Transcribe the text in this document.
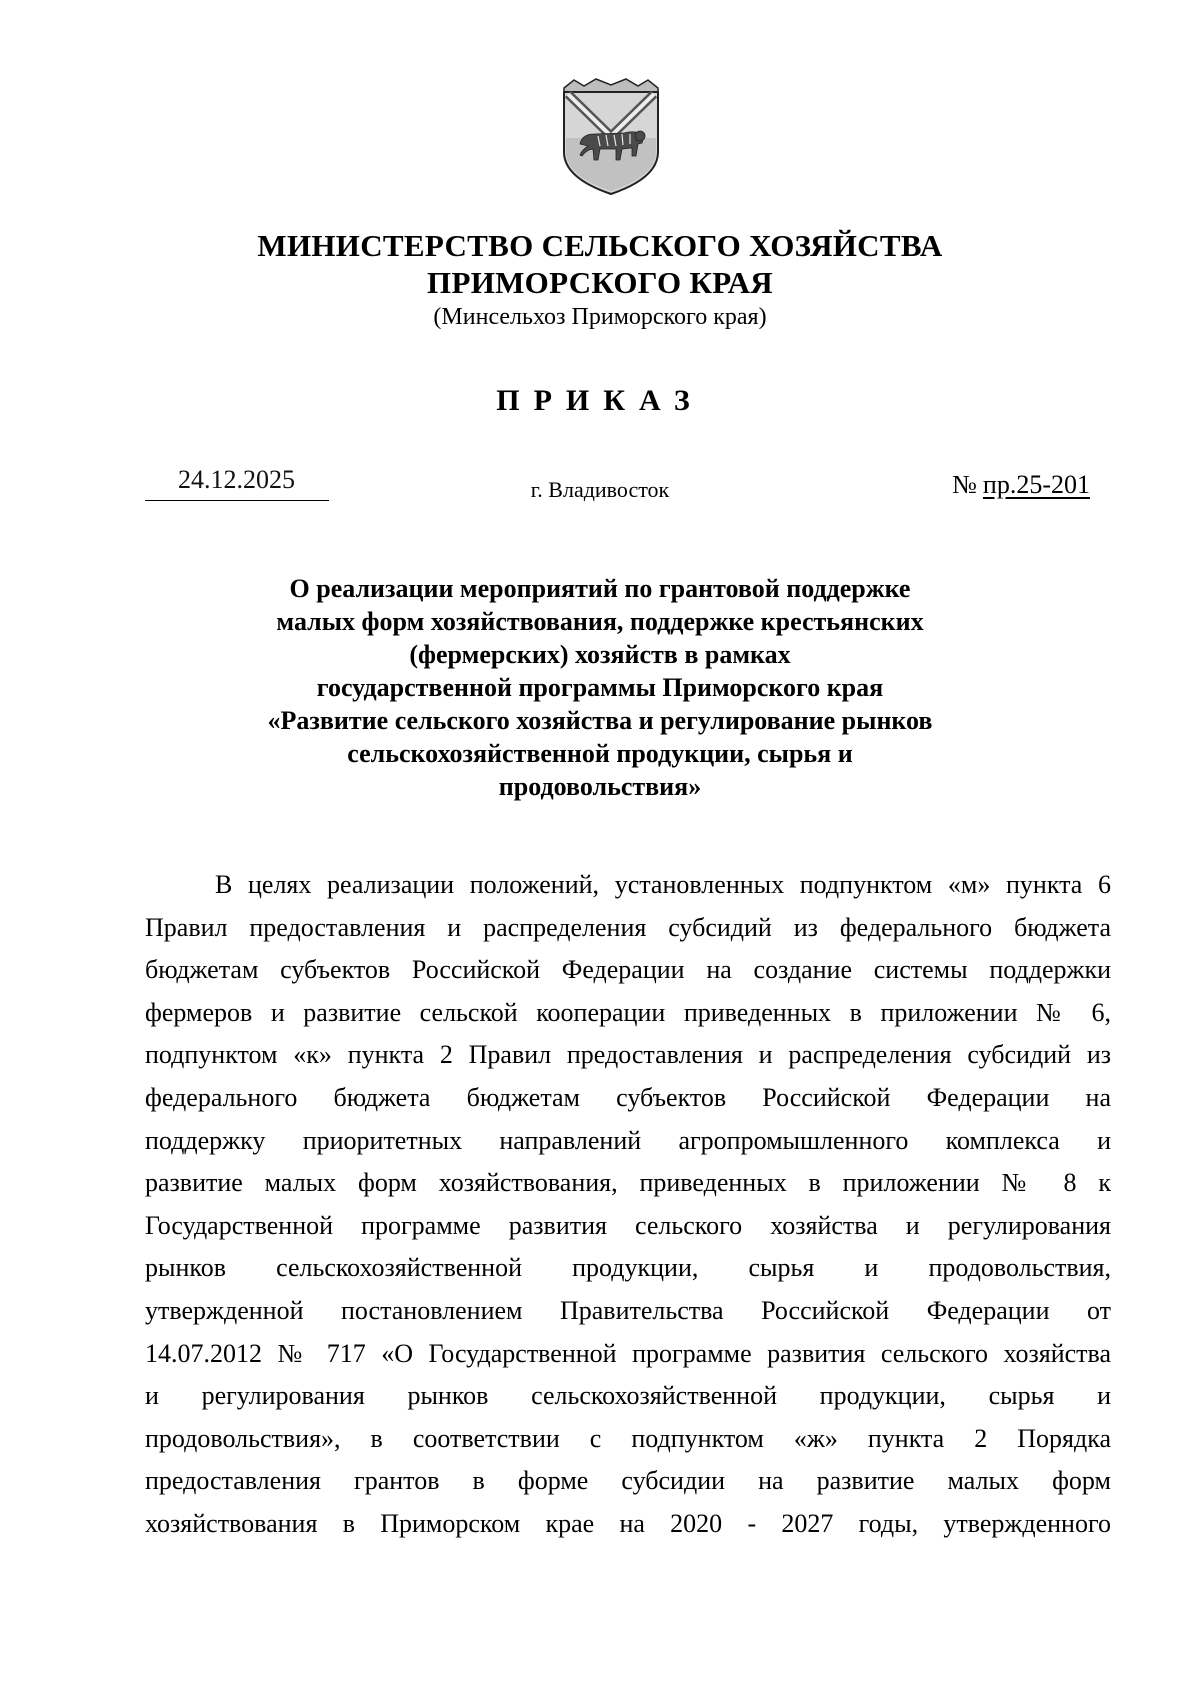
МИНИСТЕРСТВО СЕЛЬСКОГО ХОЗЯЙСТВА
ПРИМОРСКОГО КРАЯ
(Минсельхоз Приморского края)
ПРИКАЗ
24.12.2025	г. Владивосток	№ пр.25-201
О реализации мероприятий по грантовой поддержке
малых форм хозяйствования, поддержке крестьянских
(фермерских) хозяйств в рамках
государственной программы Приморского края
«Развитие сельского хозяйства и регулирование рынков
сельскохозяйственной продукции, сырья и
продовольствия»
В целях реализации положений, установленных подпунктом «м» пункта 6
Правил предоставления и распределения субсидий из федерального бюджета
бюджетам субъектов Российской Федерации на создание системы поддержки
фермеров и развитие сельской кооперации приведенных в приложении № 6,
подпунктом «к» пункта 2 Правил предоставления и распределения субсидий из
федерального бюджета бюджетам субъектов Российской Федерации на
поддержку приоритетных направлений агропромышленного комплекса и
развитие малых форм хозяйствования, приведенных в приложении № 8 к
Государственной программе развития сельского хозяйства и регулирования
рынков сельскохозяйственной продукции, сырья и продовольствия,
утвержденной постановлением Правительства Российской Федерации от
14.07.2012 № 717 «О Государственной программе развития сельского хозяйства
и регулирования рынков сельскохозяйственной продукции, сырья и
продовольствия», в соответствии с подпунктом «ж» пункта 2 Порядка
предоставления грантов в форме субсидии на развитие малых форм
хозяйствования в Приморском крае на 2020 - 2027 годы, утвержденного
